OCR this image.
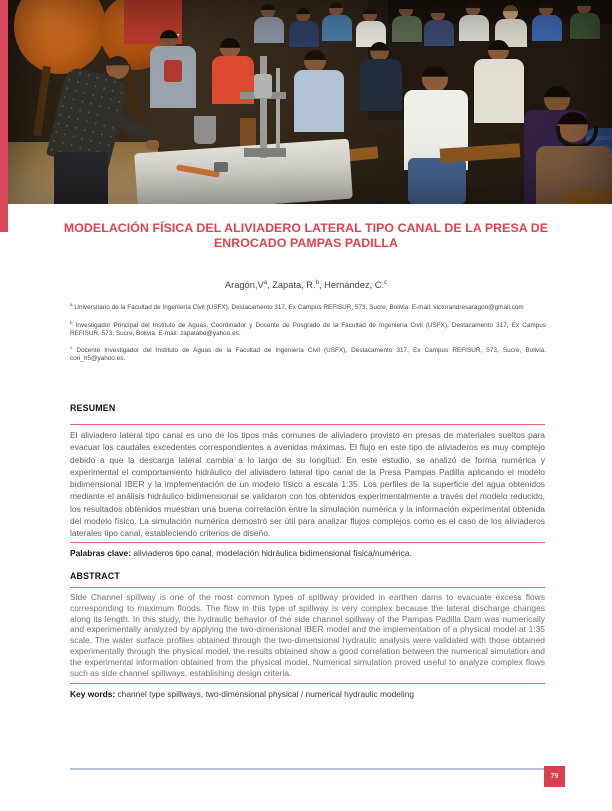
07
MODELACIÓN FÍSICA DEL ALIVIADERO LATERAL TIPO CANAL DE LA PRESA DE ENROCADO PAMPAS PADILLA
$Aragón,V^a$, Zapata, R.$^b$, Hernández, C.$^c$

$^a$ Universitario de la Facultad de Ingeniería Civil (USFX), Destacamento 317, Ex Campus REFISUR, 573, Sucre, Bolivia. E-mail: victorandresaragon@gmail.com

$^b$ Investigador Principal del Instituto de Aguas, Coordinador y Docente de Posgrado de la Facultad de Ingeniería Civil (USFX), Destacamento 317, Ex Campus REFISUR, 573, Sucre, Bolivia. E-mail: zapatabo@yahoo.es.

$^c$ Docente Investigador del Instituto de Aguas de la Facultad de Ingeniería Civil (USFX), Destacamento 317, Ex Campus REFISUR, 573, Sucre, Bolivia. cori_h5@yahoo.es.

RESUMEN
El aliviadero lateral tipo canal es uno de los tipos más comunes de aliviadero provisto en presas de materiales sueltos para evacuar los caudales excedentes correspondientes a avenidas máximas. El flujo en este tipo de aliviaderos es muy complejo debido a que la descarga lateral cambia a lo largo de su longitud. En este estudio, se analizó de forma numérica y experimental el comportamiento hidráulico del aliviadero lateral tipo canal de la Presa Pampas Padilla aplicando el modelo bidimensional IBER y la implementación de un modelo físico a escala 1:35. Los perfiles de la superficie del agua obtenidos mediante el análisis hidráulico bidimensional se validaron con los obtenidos experimentalmente a través del modelo reducido, los resultados obtenidos muestran una buena correlación entre la simulación numérica y la información experimental obtenida del modelo físico. La simulación numérica demostró ser útil para analizar flujos complejos como es el caso de los aliviaderos laterales tipo canal, estableciendo criterios de diseño.
Palabras clave: aliviaderos tipo canal, modelación hidráulica bidimensional física/numérica.
ABSTRACT
Side Channel spillway is one of the most common types of spillway provided in earthen dams to evacuate excess flows corresponding to maximum floods. The flow in this type of spillway is very complex because the lateral discharge changes along its length. In this study, the hydraulic behavior of the side channel spillway of the Pampas Padilla Dam was numerically and experimentally analyzed by applying the two-dimensional IBER model and the implementation of a physical model at 1:35 scale. The water surface profiles obtained through the two-dimensional hydraulic analysis were validated with those obtained experimentally through the physical model, the results obtained show a good correlation between the numerical simulation and the experimental information obtained from the physical model. Numerical simulation proved useful to analyze complex flows such as side channel spillways, establishing design criteria.
Key words: channel type spillways, two-dimensional physical / numerical hydraulic modeling
79
